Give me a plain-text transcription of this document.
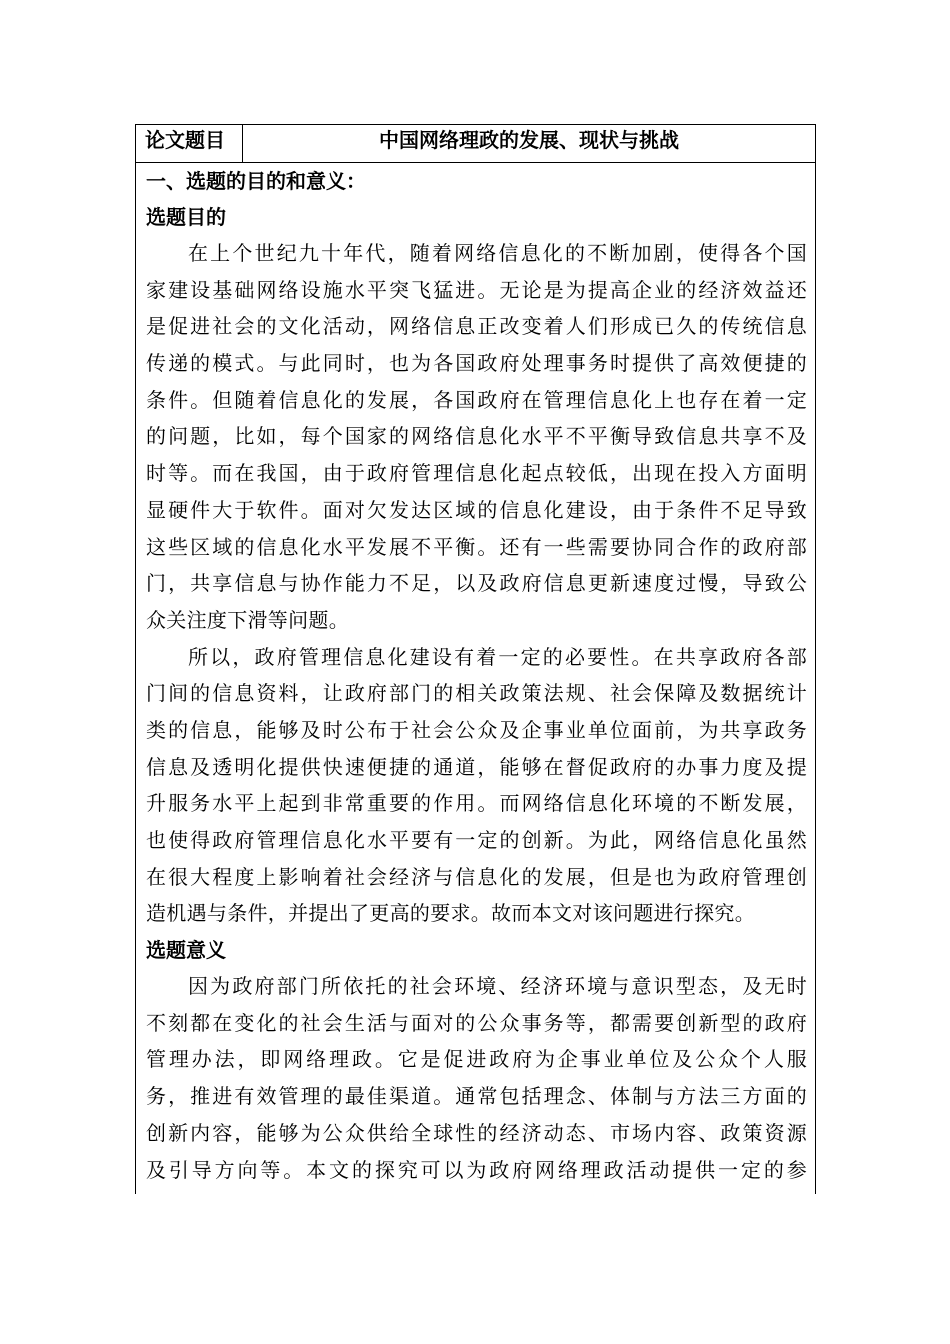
论文题目	中国网络理政的发展、现状与挑战
一、选题的目的和意义：
选题目的
在上个世纪九十年代，随着网络信息化的不断加剧，使得各个国
家建设基础网络设施水平突飞猛进。无论是为提高企业的经济效益还
是促进社会的文化活动，网络信息正改变着人们形成已久的传统信息
传递的模式。与此同时，也为各国政府处理事务时提供了高效便捷的
条件。但随着信息化的发展，各国政府在管理信息化上也存在着一定
的问题，比如，每个国家的网络信息化水平不平衡导致信息共享不及
时等。而在我国，由于政府管理信息化起点较低，出现在投入方面明
显硬件大于软件。面对欠发达区域的信息化建设，由于条件不足导致
这些区域的信息化水平发展不平衡。还有一些需要协同合作的政府部
门，共享信息与协作能力不足，以及政府信息更新速度过慢，导致公
众关注度下滑等问题。
所以，政府管理信息化建设有着一定的必要性。在共享政府各部
门间的信息资料，让政府部门的相关政策法规、社会保障及数据统计
类的信息，能够及时公布于社会公众及企事业单位面前，为共享政务
信息及透明化提供快速便捷的通道，能够在督促政府的办事力度及提
升服务水平上起到非常重要的作用。而网络信息化环境的不断发展，
也使得政府管理信息化水平要有一定的创新。为此，网络信息化虽然
在很大程度上影响着社会经济与信息化的发展，但是也为政府管理创
造机遇与条件，并提出了更高的要求。故而本文对该问题进行探究。
选题意义
因为政府部门所依托的社会环境、经济环境与意识型态，及无时
不刻都在变化的社会生活与面对的公众事务等，都需要创新型的政府
管理办法，即网络理政。它是促进政府为企事业单位及公众个人服
务，推进有效管理的最佳渠道。通常包括理念、体制与方法三方面的
创新内容，能够为公众供给全球性的经济动态、市场内容、政策资源
及引导方向等。本文的探究可以为政府网络理政活动提供一定的参
